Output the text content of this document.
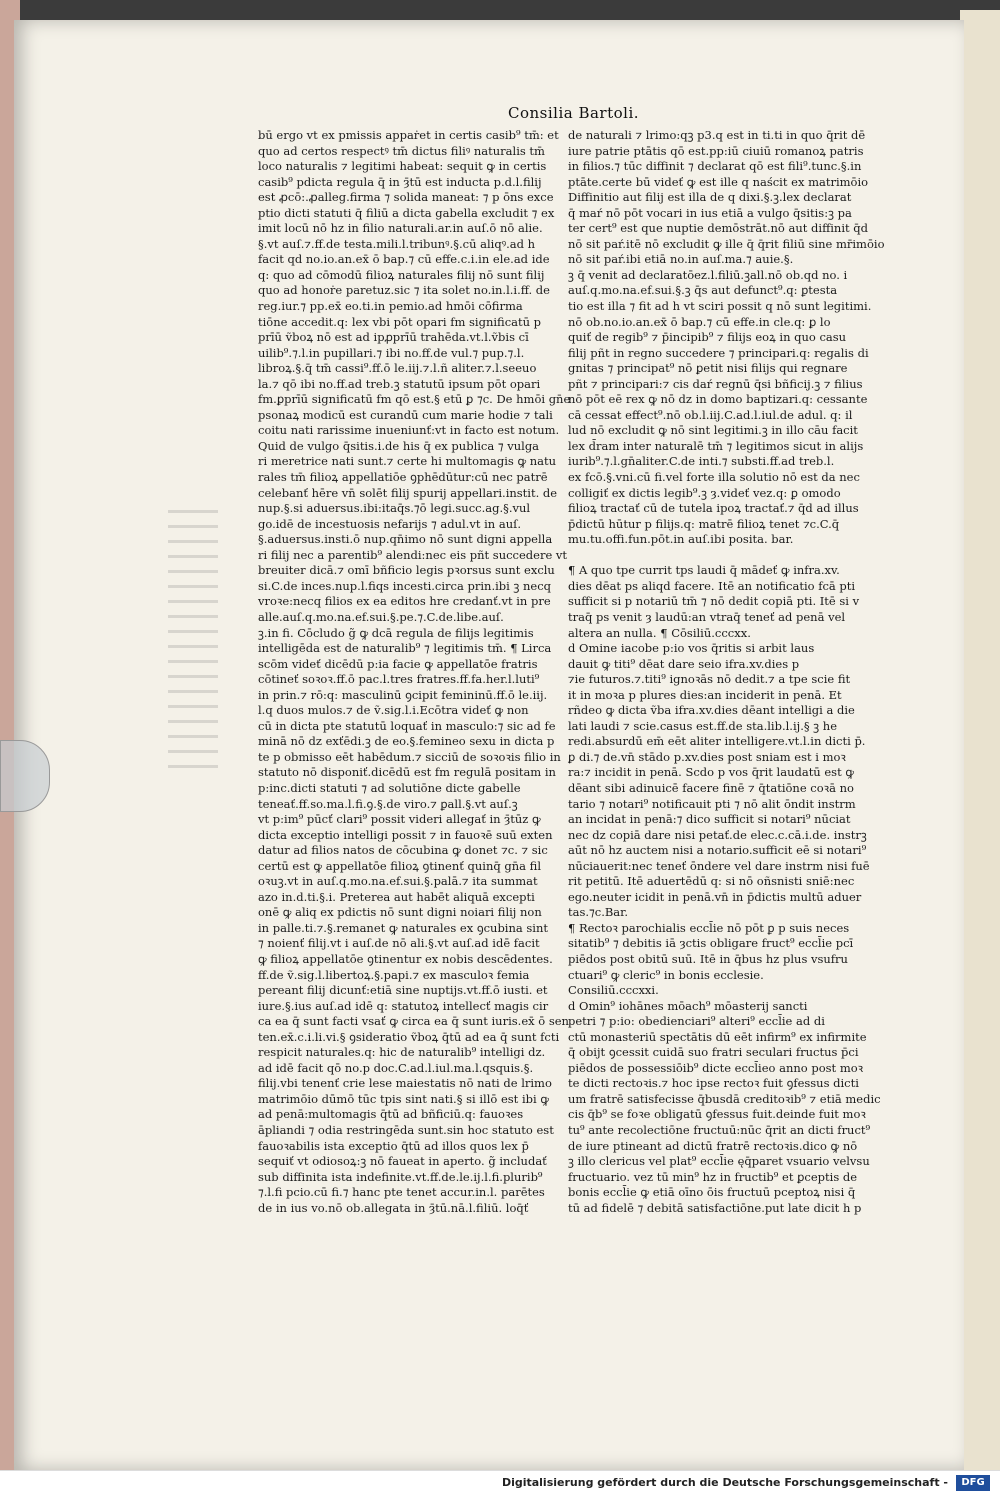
Consilia Bartoli.
bū ergo vt ex pmissis appaṙet in certis casib⁹ tm̄: et
quo ad certos respectꝰ tm̄ dictus filiꝰ naturalis tm̄
loco naturalis ⁊ legitimi habeat: sequit ꝙ in certis
casib⁹ pdicta regula q̄ in ȝ̄tū est inducta p.d.l.filij
est ꝓcō:.ꝓalleg.firma ⁊ solida maneat: ⁊ p ōns exce
ptio dicti statuti q̄ filiū a dicta gabella excludit ⁊ ex
imit locū nō hz in filio naturali.ar.in auſ.ō nō alie.
§.vt auſ.⁊.ff.de testa.mili.l.tribunꝰ.§.cū aliqꝰ.ad h
facit qd no.io.an.ex̄ ō bap.⁊ cū effe.c.i.in ele.ad ide
q: quo ad cōmodū filioꝝ naturales filij nō sunt filij
quo ad honoṙe paretuz.sic ⁊ ita solet no.in.l.i.ff. de
reg.iur.⁊ pp.ex̄ eo.ti.in pemio.ad hmōi cōfirma
tiōne accedit.q: lex vbi pōt opari fm significatū p
prīū ṽboꝝ nō est ad ipꝓprīū trahēda.vt.l.ṽbis cī
uilib⁹.⁊.l.in pupillari.⁊ ibi no.ff.de vul.⁊ pup.⁊.l.
libroꝝ.§.q̄ tm̄ cassi⁹.ff.ō le.iij.⁊.l.ñ aliter.⁊.l.seeuo
la.⁊ qō ibi no.ff.ad treb.ꝫ statutū ipsum pōt opari
fm.ꝑprīū significatū fm qō est.§ etū ꝑ ⁊c. De hmōi gn̄e
psonaꝝ modicū est curandū cum marie hodie ⁊ tali
coitu nati rarissime inueniunť:vt in facto est notum.
Quid de vulgo q̄sitis.i.de his q̄ ex publica ⁊ vulga
ri meretrice nati sunt.⁊ certe hi multomagis ꝙ natu
rales tm̄ filioꝝ appellatiōe ꝯphēdūtur:cū nec patrē
celebanť hēre vn̄ solēt filij spurij appellari.instit. de
nup.§.si aduersus.ibi:itaq̄s.⁊ō legi.succ.ag.§.vul
go.idē de incestuosis nefarijs ⁊ adul.vt in auſ.
§.aduersus.insti.ō nup.qn̄imo nō sunt digni appella
ri filij nec a parentib⁹ alendi:nec eis pñt succedere vt
breuiter dicā.⁊ omī bñficio legis pꝛorsus sunt exclu
si.C.de inces.nup.l.fiqs incesti.circa prin.ibi ꝫ necq
vroꝛe:necq filios ex ea editos hre credanť.vt in pre
alle.auſ.q.mo.na.ef.sui.§.pe.⁊.C.de.libe.auſ.
ꝫ.in fi. Cōcludo g̃ ꝙ dcā regula de filijs legitimis
intelligēda est de naturalib⁹ ⁊ legitimis tm̄. ¶ Lirca
scōm videť dicēdū p:ia facie ꝙ appellatōe fratris
cōtineť soꝛoꝛ.ff.ō pac.l.tres fratres.ff.fa.her.l.luti⁹
in prin.⁊ rō:q: masculinū ꝯcipit femininū.ff.ō le.iij.
l.q duos mulos.⁊ de ṽ.sig.l.i.Ecōtra videť ꝙ non
cū in dicta pte statutū loquať in masculo:⁊ sic ad fe
minā nō dz exťēdi.ꝫ de eo.§.femineo sexu in dicta p
te p obmisso eēt habēdum.⁊ sicciū de soꝛoꝛis filio in
statuto nō disponiť.dicēdū est fm regulā positam in
p:inc.dicti statuti ⁊ ad solutiōne dicte gabelle
teneať.ff.so.ma.l.fi.ꝯ.§.de viro.⁊ ꝑall.§.vt auſ.ꝫ
vt p:im⁹ pūcť clari⁹ possit videri allegať in ȝ̄tūz ꝙ
dicta exceptio intelligi possit ⁊ in fauoꝛē suū exten
datur ad filios natos de cōcubina ꝙ donet ⁊c. ⁊ sic
certū est ꝙ appellatōe filioꝝ ꝯtinenť quinq̄ gn̄a fil
oꝛuꝫ.vt in auſ.q.mo.na.ef.sui.§.palā.⁊ ita summat
azo in.d.ti.§.i. Preterea aut habēt aliquā excepti
onē ꝙ aliq ex pdictis nō sunt digni noiari filij non
in palle.ti.⁊.§.remanet ꝙ naturales ex ꝯcubina sint
⁊ noienť filij.vt i auſ.de nō ali.§.vt auſ.ad idē facit
ꝙ filioꝝ appellatōe ꝯtinentur ex nobis descēdentes.
ff.de ṽ.sig.l.libertoꝝ.§.papi.⁊ ex masculoꝛ femia
pereant filij dicunť:etiā sine nuptijs.vt.ff.ō iusti. et
iure.§.ius auſ.ad idē q: statutoꝝ intellecť magis cir
ca ea q̄ sunt facti vsať ꝙ circa ea q̄ sunt iuris.ex̄ ō sen
ten.ex̄.c.i.li.vi.§ ꝯsideratio ṽboꝝ q̄tū ad ea q̄ sunt fcti
respicit naturales.q: hic de naturalib⁹ intelligi dz.
ad idē facit qō no.p doc.C.ad.l.iul.ma.l.qsquis.§.
filij.vbi tenenť crie lese maiestatis nō nati de lrimo
matrimōio dūmō tūc tpis sint nati.§ si illō est ibi ꝙ
ad penā:multomagis q̄tū ad bñficiū.q: fauoꝛes
āpliandi ⁊ odia restringēda sunt.sin hoc statuto est
fauoꝛabilis ista exceptio q̄tū ad illos quos lex p̄
sequiť vt odiosoꝝ:ꝫ nō faueat in aperto. g̃ includať
sub diffinita ista indefinite.vt.ff.de.le.ij.l.fi.plurib⁹
⁊.l.fi pcio.cū fi.⁊ hanc pte tenet accur.in.l. parētes
de in ius vo.nō ob.allegata in ȝ̄tū.nā.l.filiū. loq̄ť
de naturali ⁊ lrimo:qꝫ p3.q est in ti.ti in quo q̄rit dē
iure patrie ptātis qō est.pp:iū ciuiū romanoꝝ patris
in filios.⁊ tūc diffinit ⁊ declarat qō est fili⁹.tunc.§.in
ptāte.certe bū videť ꝙ est ille q naścit ex matrimōio
Diffinitio aut filij est illa de q dixi.§.ꝫ.lex declarat
q̄ maŕ nō pōt vocari in ius etiā a vulgo q̄sitis:ꝫ pa
ter cert⁹ est que nuptie demōstrāt.nō aut diffinit q̄d
nō sit paŕ.itē nō excludit ꝙ ille q̄ q̄rit filiū sine mr̄imōio
nō sit paŕ.ibi etiā no.in auſ.ma.⁊ auie.§.
ꝫ q̄ venit ad declaratōez.l.filiū.ꝫall.nō ob.qd no. i
auſ.q.mo.na.ef.sui.§.ꝫ q̄s aut defunct⁹.q: ꝑtesta
tio est illa ⁊ fit ad h vt sciri possit q nō sunt legitimi.
nō ob.no.io.an.ex̄ ō bap.⁊ cū effe.in cle.q: ꝑ lo
quiť de regib⁹ ⁊ p̄incipib⁹ ⁊ filijs eoꝝ in quo casu
filij pñt in regno succedere ⁊ principari.q: regalis di
gnitas ⁊ principat⁹ nō ꝑetit nisi filijs qui regnare
pñt ⁊ principari:⁊ cis daŕ regnū q̄si bñficij.ꝫ ⁊ filius
nō pōt eē rex ꝙ nō dz in domo baptizari.q: cessante
cā cessat effect⁹.nō ob.l.iij.C.ad.l.iul.de adul. q: il
lud nō excludit ꝙ nō sint legitimi.ꝫ in illo cāu facit
lex d̄ram inter naturalē tm̄ ⁊ legitimos sicut in alijs
iurib⁹.⁊.l.gn̄aliter.C.de inti.⁊ substi.ff.ad treb.l.
ex fcō.§.vni.cū fi.vel forte illa solutio nō est da nec
colligiť ex dictis legib⁹.ꝫ ȝ.videť vez.q: ꝑ omodo
filioꝝ tractať cū de tutela ipoꝝ tractať.⁊ q̄d ad illus
p̄dictū hūtur p filijs.q: matrē filioꝝ tenet ⁊c.C.q̄
mu.tu.offi.fun.pōt.in auſ.ibi posita. bar.

¶ A quo tpe currit tps laudi q̄ mādeť ꝙ infra.xv.
dies dēat ps aliqd facere. Itē an notificatio fcā pti
sufficit si p notariū tm̄ ⁊ nō dedit copiā pti. Itē si v
traq̄ ps venit ȝ laudū:an vtraq̄ teneť ad penā vel
altera an nulla. ¶ Cōsiliū.cccxx.
d Omine iacobe p:io vos q̄ritis si arbit laus
dauit ꝙ titi⁹ dēat dare seio ifra.xv.dies p
⁊ie futuros.⁊.titi⁹ ignoꝛās nō dedit.⁊ a tpe scie fit
it in moꝛa p plures dies:an inciderit in penā. Et
rñdeo ꝙ dicta ṽba ifra.xv.dies dēant intelligi a die
lati laudi ⁊ scie.casus est.ff.de sta.lib.l.ij.§ ꝫ he
redi.absurdū em̄ eēt aliter intelligere.vt.l.in dicti p̄.
ꝑ di.⁊ de.vn̄ stādo p.xv.dies post sniam est i moꝛ
ra:⁊ incidit in penā. Scdo p vos q̄rit laudatū est ꝙ
dēant sibi adinuicē facere finē ⁊ q̄tatiōne coꝛā no
tario ⁊ notari⁹ notificauit pti ⁊ nō alit ōndit instrm
an incidat in penā:⁊ dico sufficit si notari⁹ nūciat
nec dz copiā dare nisi petať.de elec.c.cā.i.de. instrꝫ
aūt nō hz auctem nisi a notario.sufficit eē si notari⁹
nūciauerit:nec teneť ōndere vel dare instrm nisi fuē
rit petitū. Itē aduertēdū q: si nō oñsnisti sniē:nec
ego.neuter icidit in penā.vn̄ in p̄dictis multū aduer
tas.⁊c.Bar.
¶ Rectoꝛ parochialis eccl̄ie nō pōt ꝑ p suis neces
sitatib⁹ ⁊ debitis iā ȝctis obligare fruct⁹ eccl̄ie pcī
piēdos post obitū suū. Itē in q̄bus hz plus vsufru
ctuari⁹ ꝙ cleric⁹ in bonis ecclesie.
Consiliū.cccxxi.
d Omin⁹ iohānes mōach⁹ mōasterij sancti
petri ⁊ p:io: obedienciari⁹ alteri⁹ eccl̄ie ad di
ctū monasteriū spectātis dū eēt infirm⁹ ex infirmite
q̄ obijt ꝯcessit cuidā suo fratri seculari fructus p̄ci
piēdos de possessiōib⁹ dicte eccl̄ieo anno post moꝛ
te dicti rectoꝛis.⁊ hoc ipse rectoꝛ fuit ꝯfessus dicti
um fratrē satisfecisse q̄busdā creditoꝛib⁹ ⁊ etiā medic
cis q̄b⁹ se foꝛe obligatū ꝯfessus fuit.deinde fuit moꝛ
tu⁹ ante recolectiōne fructuū:nūc q̄rit an dicti fruct⁹
de iure ptineant ad dictū fratrē rectoꝛis.dico ꝙ nō
ꝫ illo clericus vel plat⁹ eccl̄ie ęq̄paret vsuario velvsu
fructuario. vez tū min⁹ hz in fructib⁹ et ꝑceptis de
bonis eccl̄ie ꝙ etiā oīno ōis fructuū pceptoꝝ nisi q̄
tū ad fidelē ⁊ debitā satisfactiōne.put late dicit h p
Digitalisierung gefördert durch die Deutsche Forschungsgemeinschaft -	DFG
